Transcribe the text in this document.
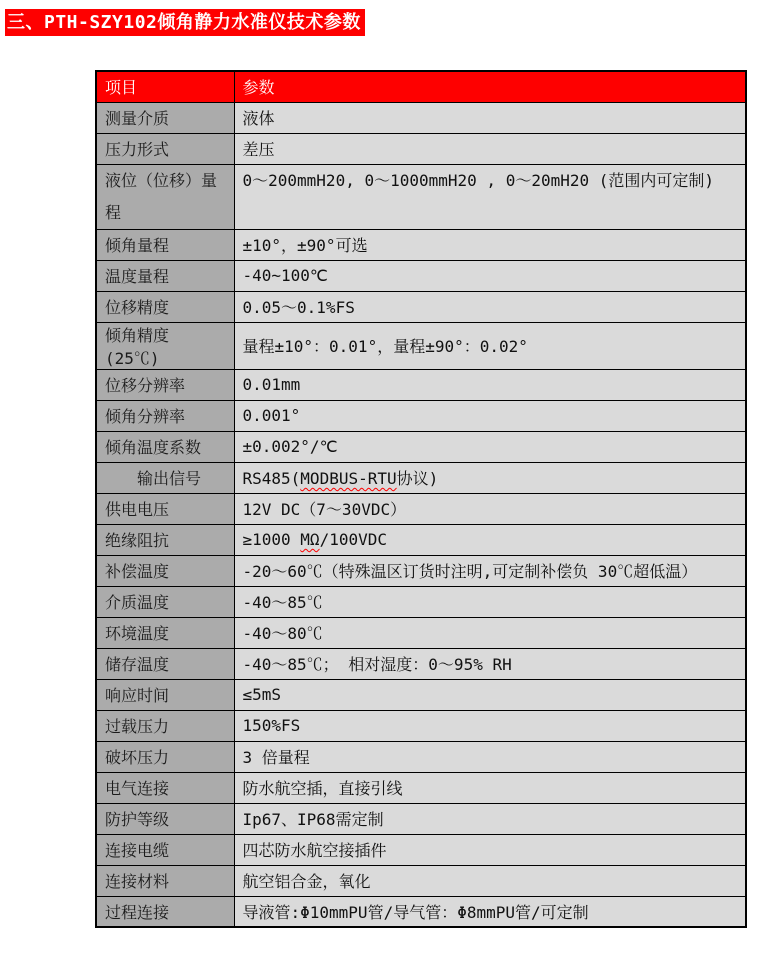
三、PTH-SZY102倾角静力水准仪技术参数
项目	参数
测量介质	液体
压力形式	差压
液位（位移）量程	0～200mmH20, 0～1000mmH20 , 0～20mH20 (范围内可定制)
倾角量程	±10°，±90°可选
温度量程	-40~100℃
位移精度	0.05～0.1%FS
倾角精度(25℃)	量程±10°：0.01°，量程±90°：0.02°
位移分辨率	0.01mm
倾角分辨率	0.001°
倾角温度系数	±0.002°/℃
输出信号	RS485(MODBUS-RTU协议)
供电电压	12V DC（7～30VDC）
绝缘阻抗	≥1000 MΩ/100VDC
补偿温度	-20～60℃（特殊温区订货时注明,可定制补偿负 30℃超低温）
介质温度	-40～85℃
环境温度	-40～80℃
储存温度	-40～85℃； 相对湿度：0～95% RH
响应时间	≤5mS
过载压力	150%FS
破坏压力	3 倍量程
电气连接	防水航空插，直接引线
防护等级	Ip67、IP68需定制
连接电缆	四芯防水航空接插件
连接材料	航空铝合金，氧化
过程连接	导液管:Φ10mmPU管/导气管：Φ8mmPU管/可定制
